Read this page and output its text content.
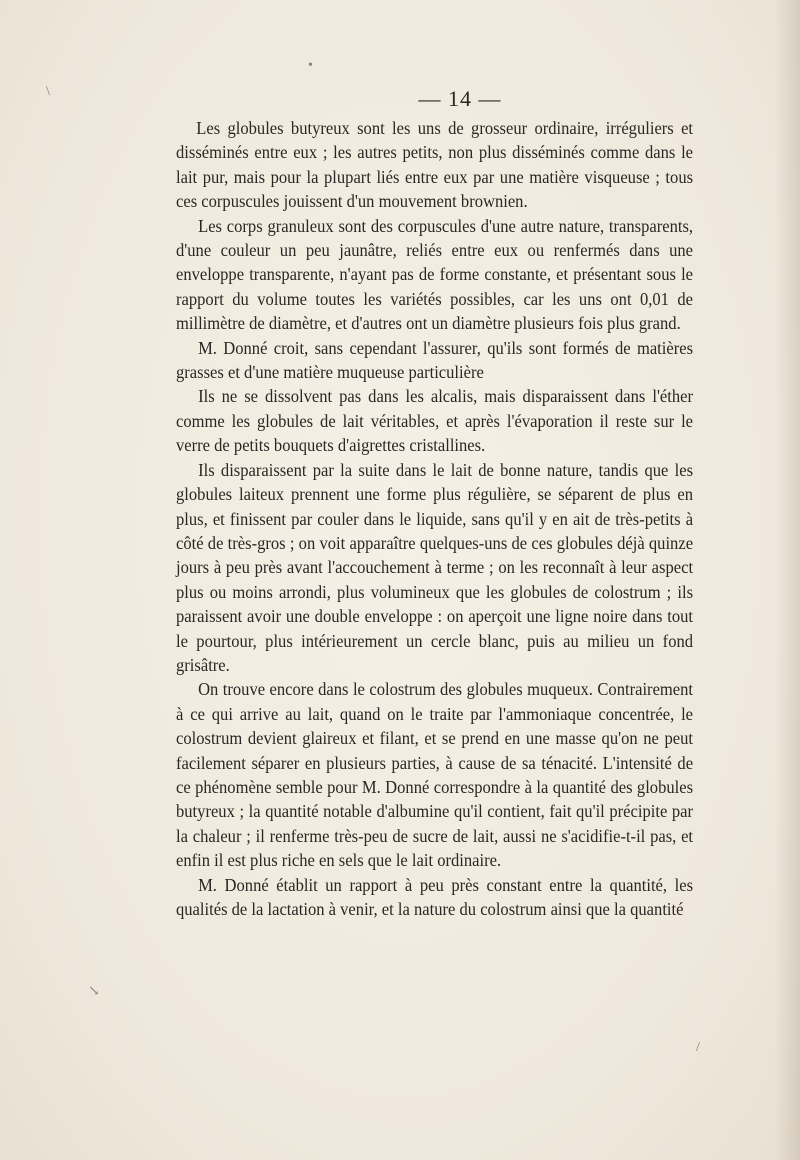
— 14 —

Les globules butyreux sont les uns de grosseur ordinaire, irréguliers et disséminés entre eux ; les autres petits, non plus disséminés comme dans le lait pur, mais pour la plupart liés entre eux par une matière visqueuse ; tous ces corpuscules jouissent d'un mouvement brownien.

Les corps granuleux sont des corpuscules d'une autre nature, transparents, d'une couleur un peu jaunâtre, reliés entre eux ou renfermés dans une enveloppe transparente, n'ayant pas de forme constante, et présentant sous le rapport du volume toutes les variétés possibles, car les uns ont 0,01 de millimètre de diamètre, et d'autres ont un diamètre plusieurs fois plus grand.

M. Donné croit, sans cependant l'assurer, qu'ils sont formés de matières grasses et d'une matière muqueuse particulière

Ils ne se dissolvent pas dans les alcalis, mais disparaissent dans l'éther comme les globules de lait véritables, et après l'évaporation il reste sur le verre de petits bouquets d'aigrettes cristallines.

Ils disparaissent par la suite dans le lait de bonne nature, tandis que les globules laiteux prennent une forme plus régulière, se séparent de plus en plus, et finissent par couler dans le liquide, sans qu'il y en ait de très-petits à côté de très-gros ; on voit apparaître quelques-uns de ces globules déjà quinze jours à peu près avant l'accouchement à terme ; on les reconnaît à leur aspect plus ou moins arrondi, plus volumineux que les globules de colostrum ; ils paraissent avoir une double enveloppe : on aperçoit une ligne noire dans tout le pourtour, plus intérieurement un cercle blanc, puis au milieu un fond grisâtre.

On trouve encore dans le colostrum des globules muqueux. Contrairement à ce qui arrive au lait, quand on le traite par l'ammoniaque concentrée, le colostrum devient glaireux et filant, et se prend en une masse qu'on ne peut facilement séparer en plusieurs parties, à cause de sa ténacité. L'intensité de ce phénomène semble pour M. Donné correspondre à la quantité des globules butyreux ; la quantité notable d'albumine qu'il contient, fait qu'il précipite par la chaleur ; il renferme très-peu de sucre de lait, aussi ne s'acidifie-t-il pas, et enfin il est plus riche en sels que le lait ordinaire.

M. Donné établit un rapport à peu près constant entre la quantité, les qualités de la lactation à venir, et la nature du colostrum ainsi que la quantité

•
↘
\
/
